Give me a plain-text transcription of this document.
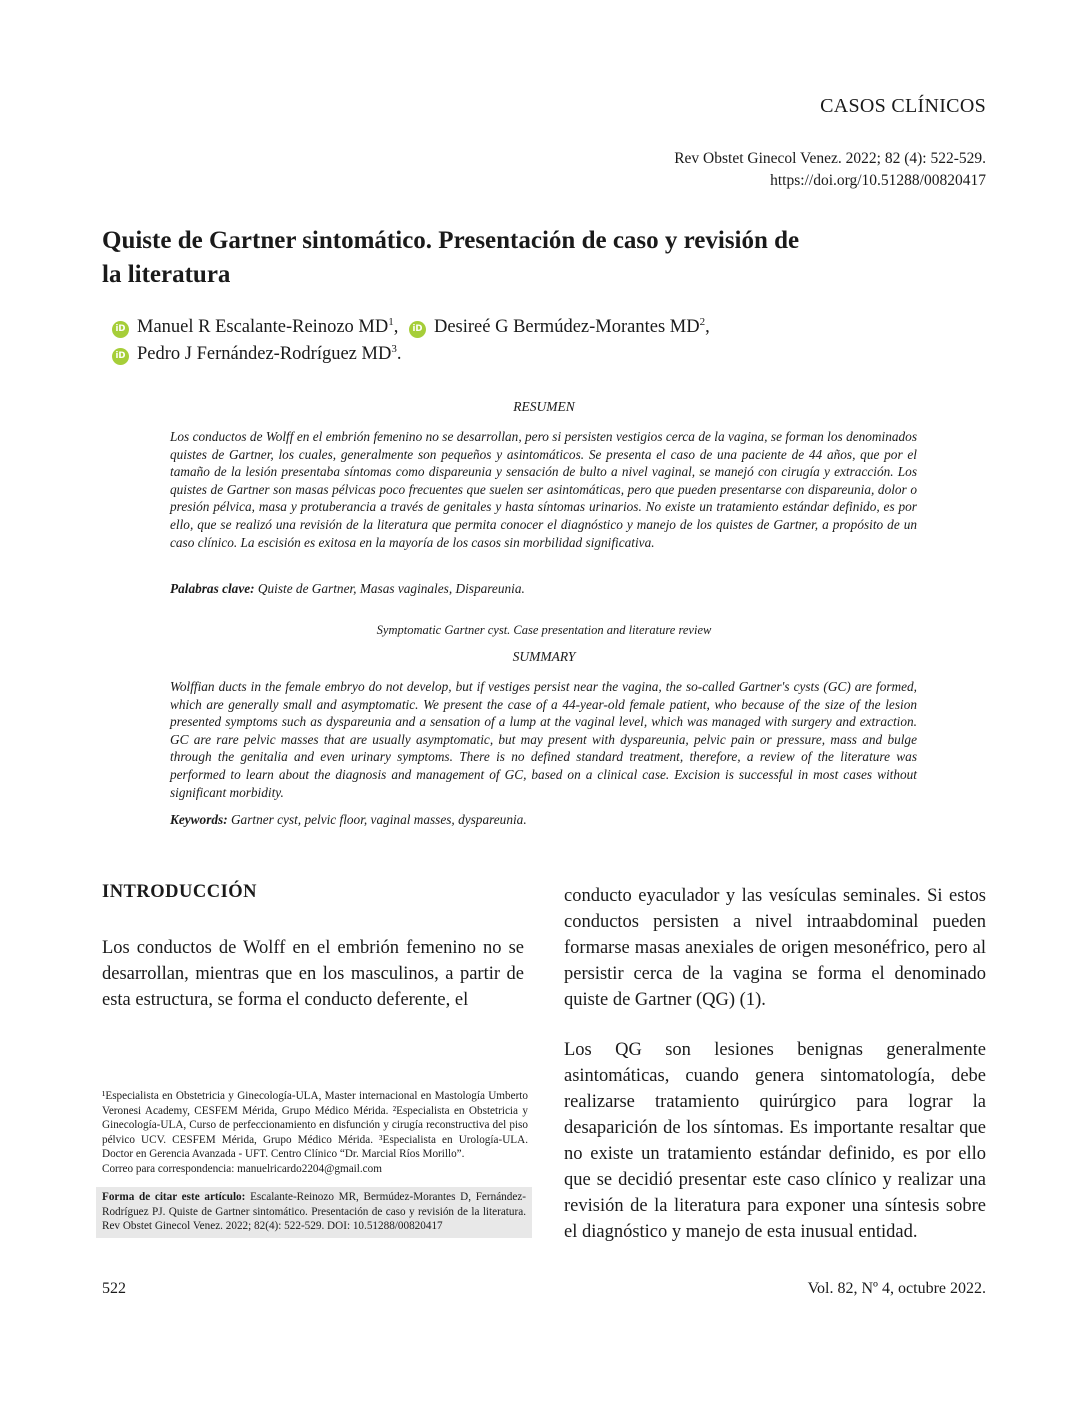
CASOS CLÍNICOS
Rev Obstet Ginecol Venez. 2022; 82 (4): 522-529.
https://doi.org/10.51288/00820417
Quiste de Gartner sintomático. Presentación de caso y revisión de la literatura
iD Manuel R Escalante-Reinozo $MD^1$, iD Desireé G Bermúdez-Morantes $MD^2$,
iD Pedro J Fernández-Rodríguez $MD^3$.
RESUMEN

Los conductos de Wolff en el embrión femenino no se desarrollan, pero si persisten vestigios cerca de la vagina, se forman los denominados quistes de Gartner, los cuales, generalmente son pequeños y asintomáticos. Se presenta el caso de una paciente de 44 años, que por el tamaño de la lesión presentaba síntomas como dispareunia y sensación de bulto a nivel vaginal, se manejó con cirugía y extracción. Los quistes de Gartner son masas pélvicas poco frecuentes que suelen ser asintomáticas, pero que pueden presentarse con dispareunia, dolor o presión pélvica, masa y protuberancia a través de genitales y hasta síntomas urinarios. No existe un tratamiento estándar definido, es por ello, que se realizó una revisión de la literatura que permita conocer el diagnóstico y manejo de los quistes de Gartner, a propósito de un caso clínico. La escisión es exitosa en la mayoría de los casos sin morbilidad significativa.

Palabras clave: Quiste de Gartner, Masas vaginales, Dispareunia.
Symptomatic Gartner cyst. Case presentation and literature review
SUMMARY

Wolffian ducts in the female embryo do not develop, but if vestiges persist near the vagina, the so-called Gartner's cysts (GC) are formed, which are generally small and asymptomatic. We present the case of a 44-year-old female patient, who because of the size of the lesion presented symptoms such as dyspareunia and a sensation of a lump at the vaginal level, which was managed with surgery and extraction. GC are rare pelvic masses that are usually asymptomatic, but may present with dyspareunia, pelvic pain or pressure, mass and bulge through the genitalia and even urinary symptoms. There is no defined standard treatment, therefore, a review of the literature was performed to learn about the diagnosis and management of GC, based on a clinical case. Excision is successful in most cases without significant morbidity.

Keywords: Gartner cyst, pelvic floor, vaginal masses, dyspareunia.
INTRODUCCIÓN

Los conductos de Wolff en el embrión femenino no se desarrollan, mientras que en los masculinos, a partir de esta estructura, se forma el conducto deferente, el

conducto eyaculador y las vesículas seminales. Si estos conductos persisten a nivel intraabdominal pueden formarse masas anexiales de origen mesonéfrico, pero al persistir cerca de la vagina se forma el denominado quiste de Gartner (QG) (1).

Los QG son lesiones benignas generalmente asintomáticas, cuando genera sintomatología, debe realizarse tratamiento quirúrgico para lograr la desaparición de los síntomas. Es importante resaltar que no existe un tratamiento estándar definido, es por ello que se decidió presentar este caso clínico y realizar una revisión de la literatura para exponer una síntesis sobre el diagnóstico y manejo de esta inusual entidad.

¹Especialista en Obstetricia y Ginecología-ULA, Master internacional en Mastología Umberto Veronesi Academy, CESFEM Mérida, Grupo Médico Mérida. ²Especialista en Obstetricia y Ginecología-ULA, Curso de perfeccionamiento en disfunción y cirugía reconstructiva del piso pélvico UCV. CESFEM Mérida, Grupo Médico Mérida. ³Especialista en Urología-ULA. Doctor en Gerencia Avanzada - UFT. Centro Clínico “Dr. Marcial Ríos Morillo”.

Correo para correspondencia: manuelricardo2204@gmail.com

Forma de citar este artículo: Escalante-Reinozo MR, Bermúdez-Morantes D, Fernández-Rodríguez PJ. Quiste de Gartner sintomático. Presentación de caso y revisión de la literatura. Rev Obstet Ginecol Venez. 2022; 82(4): 522-529. DOI: 10.51288/00820417
522	Vol. 82, Nº 4, octubre 2022.
